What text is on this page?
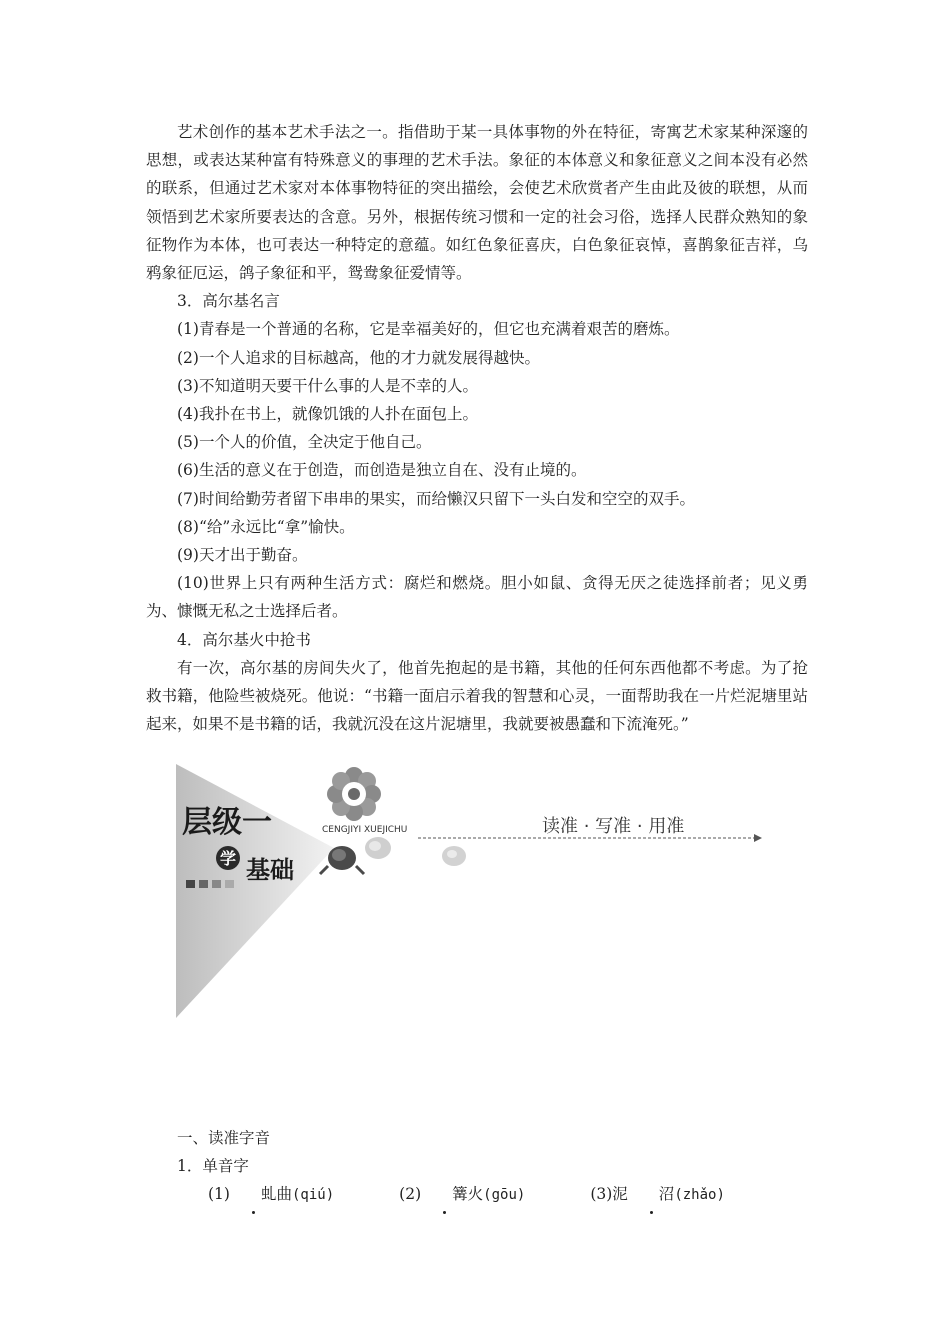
艺术创作的基本艺术手法之一。指借助于某一具体事物的外在特征，寄寓艺术家某种深邃的思想，或表达某种富有特殊意义的事理的艺术手法。象征的本体意义和象征意义之间本没有必然的联系，但通过艺术家对本体事物特征的突出描绘，会使艺术欣赏者产生由此及彼的联想，从而领悟到艺术家所要表达的含意。另外，根据传统习惯和一定的社会习俗，选择人民群众熟知的象征物作为本体，也可表达一种特定的意蕴。如红色象征喜庆，白色象征哀悼，喜鹊象征吉祥，乌鸦象征厄运，鸽子象征和平，鸳鸯象征爱情等。

3．高尔基名言

(1)青春是一个普通的名称，它是幸福美好的，但它也充满着艰苦的磨炼。

(2)一个人追求的目标越高，他的才力就发展得越快。

(3)不知道明天要干什么事的人是不幸的人。

(4)我扑在书上，就像饥饿的人扑在面包上。

(5)一个人的价值，全决定于他自己。

(6)生活的意义在于创造，而创造是独立自在、没有止境的。

(7)时间给勤劳者留下串串的果实，而给懒汉只留下一头白发和空空的双手。

(8)“给”永远比“拿”愉快。

(9)天才出于勤奋。

(10)世界上只有两种生活方式：腐烂和燃烧。胆小如鼠、贪得无厌之徒选择前者；见义勇为、慷慨无私之士选择后者。

4．高尔基火中抢书

有一次，高尔基的房间失火了，他首先抱起的是书籍，其他的任何东西他都不考虑。为了抢救书籍，他险些被烧死。他说：“书籍一面启示着我的智慧和心灵，一面帮助我在一片烂泥塘里站起来，如果不是书籍的话，我就沉没在这片泥塘里，我就要被愚蠢和下流淹死。”

层级一
学 基础
CENGJIYI XUEJICHU	读准 · 写准 · 用准

一、读准字音

1．单音字

(1) 虬曲(qiú)	(2) 篝火(gōu)	(3)泥 沼(zhǎo)
